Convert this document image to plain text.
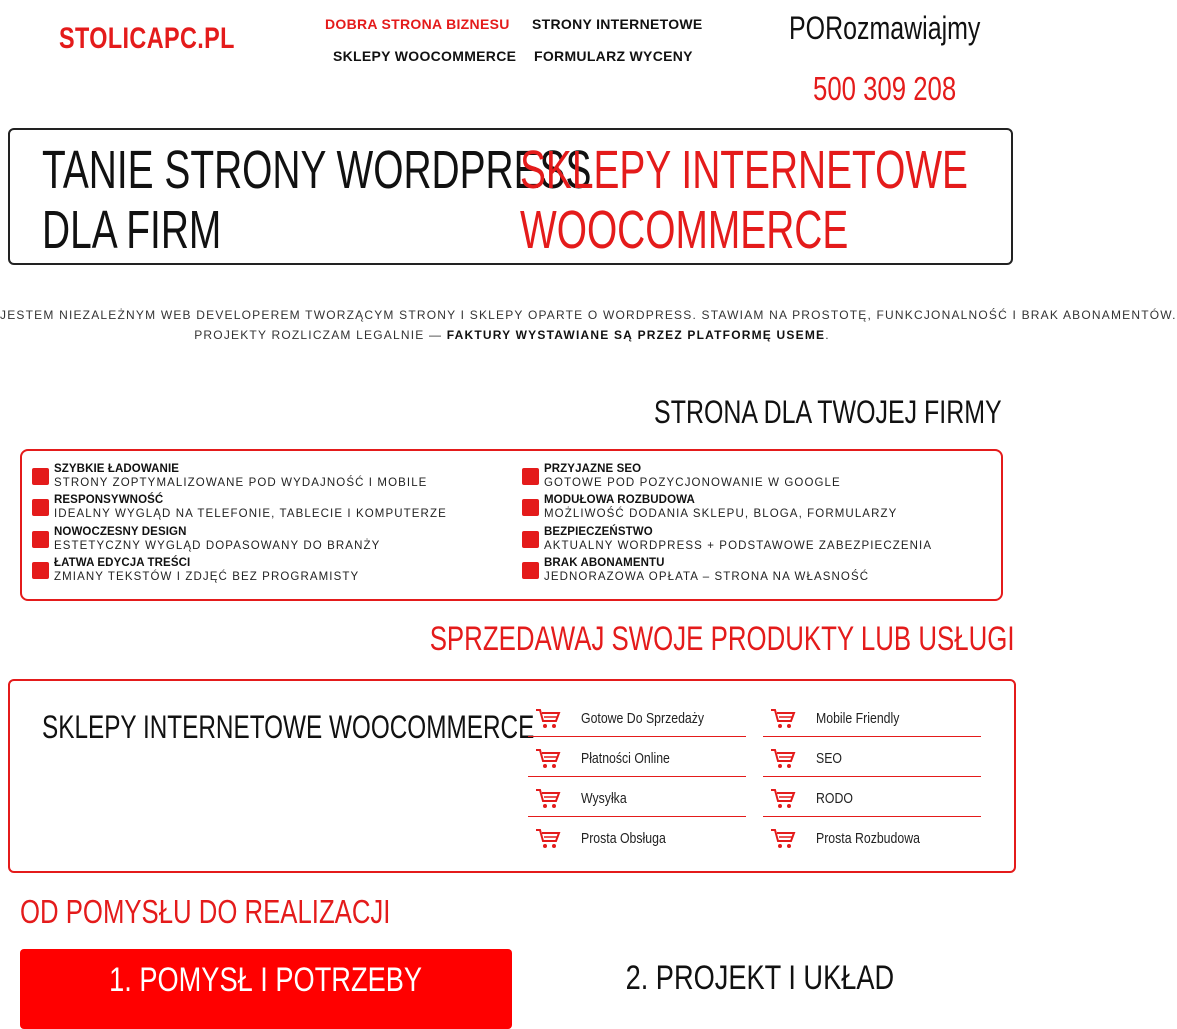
STOLICAPC.PL	DOBRA STRONA BIZNESU STRONY INTERNETOWE
SKLEPY WOOCOMMERCE FORMULARZ WYCENY
PORozmawiajmy
500 309 208
TANIE STRONY WORDPRESS
DLA FIRM
SKLEPY INTERNETOWE
WOOCOMMERCE
JESTEM NIEZALEŻNYM WEB DEVELOPEREM TWORZĄCYM STRONY I SKLEPY OPARTE O WORDPRESS. STAWIAM NA PROSTOTĘ, FUNKCJONALNOŚĆ I BRAK ABONAMENTÓW.
PROJEKTY ROZLICZAM LEGALNIE — FAKTURY WYSTAWIANE SĄ PRZEZ PLATFORMĘ USEME.
STRONA DLA TWOJEJ FIRMY
SZYBKIE ŁADOWANIE
STRONY ZOPTYMALIZOWANE POD WYDAJNOŚĆ I MOBILE
RESPONSYWNOŚĆ
IDEALNY WYGLĄD NA TELEFONIE, TABLECIE I KOMPUTERZE
NOWOCZESNY DESIGN
ESTETYCZNY WYGLĄD DOPASOWANY DO BRANŻY
ŁATWA EDYCJA TREŚCI
ZMIANY TEKSTÓW I ZDJĘĆ BEZ PROGRAMISTY
PRZYJAZNE SEO
GOTOWE POD POZYCJONOWANIE W GOOGLE
MODUŁOWA ROZBUDOWA
MOŻLIWOŚĆ DODANIA SKLEPU, BLOGA, FORMULARZY
BEZPIECZEŃSTWO
AKTUALNY WORDPRESS + PODSTAWOWE ZABEZPIECZENIA
BRAK ABONAMENTU
JEDNORAZOWA OPŁATA – STRONA NA WŁASNOŚĆ
SPRZEDAWAJ SWOJE PRODUKTY LUB USŁUGI
SKLEPY INTERNETOWE WOOCOMMERCE	Gotowe Do Sprzedaży
Płatności Online
Wysyłka
Prosta Obsługa
Mobile Friendly
SEO
RODO
Prosta Rozbudowa
OD POMYSŁU DO REALIZACJI
1. POMYSŁ I POTRZEBY	2. PROJEKT I UKŁAD
